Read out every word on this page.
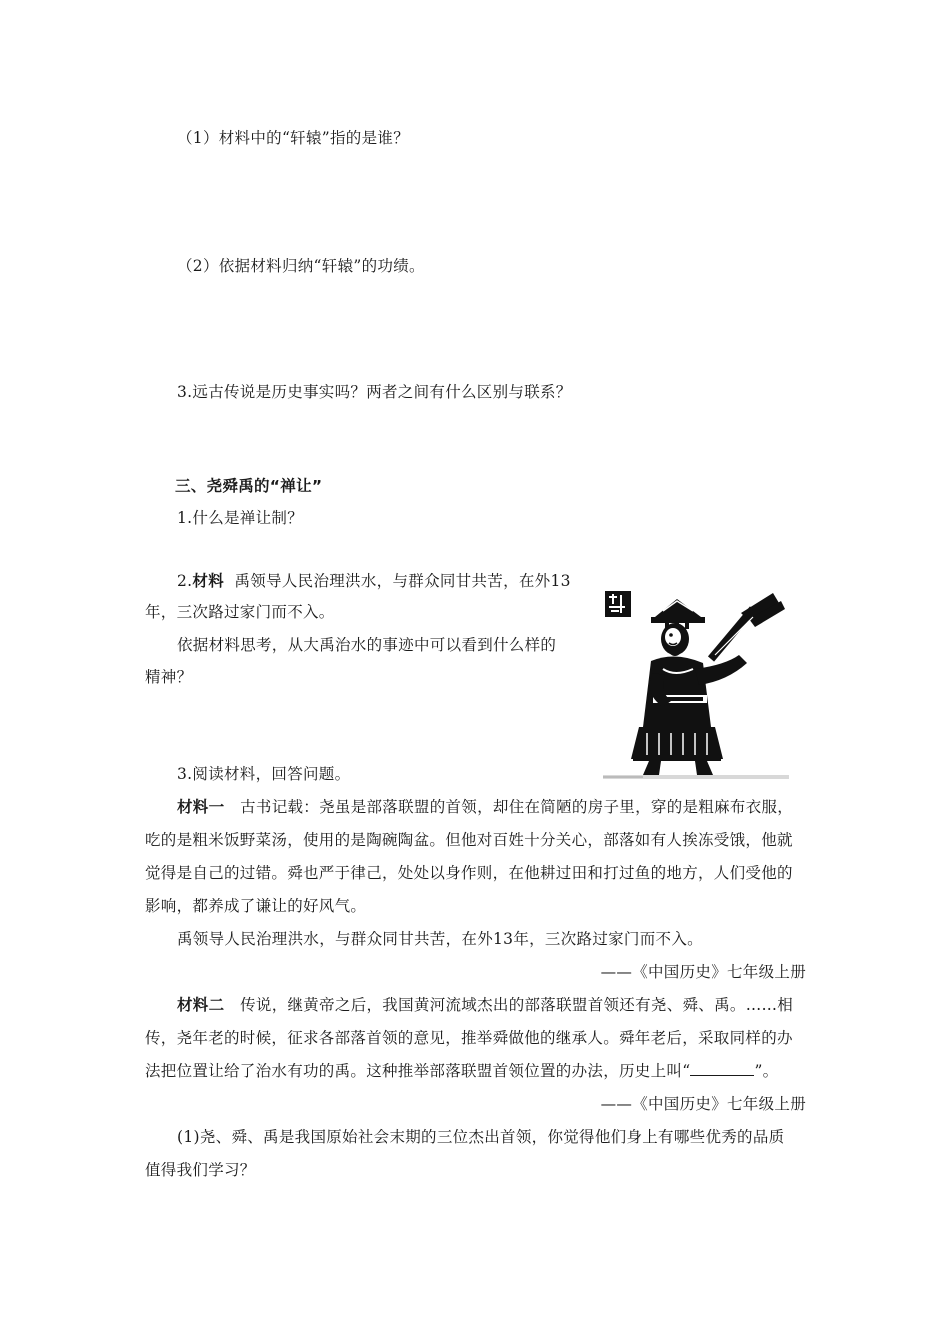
（1）材料中的“轩辕”指的是谁？
（2）依据材料归纳“轩辕”的功绩。
3.远古传说是历史事实吗？两者之间有什么区别与联系？
三、尧舜禹的“禅让”
1.什么是禅让制？
2.材料 禹领导人民治理洪水，与群众同甘共苦，在外13
年，三次路过家门而不入。
依据材料思考，从大禹治水的事迹中可以看到什么样的
精神？
3.阅读材料，回答问题。
材料一 古书记载：尧虽是部落联盟的首领，却住在简陋的房子里，穿的是粗麻布衣服，
吃的是粗米饭野菜汤，使用的是陶碗陶盆。但他对百姓十分关心，部落如有人挨冻受饿，他就
觉得是自己的过错。舜也严于律己，处处以身作则，在他耕过田和打过鱼的地方，人们受他的
影响，都养成了谦让的好风气。
禹领导人民治理洪水，与群众同甘共苦，在外13年，三次路过家门而不入。
——《中国历史》七年级上册
材料二 传说，继黄帝之后，我国黄河流域杰出的部落联盟首领还有尧、舜、禹。……相
传，尧年老的时候，征求各部落首领的意见，推举舜做他的继承人。舜年老后，采取同样的办
法把位置让给了治水有功的禹。这种推举部落联盟首领位置的办法，历史上叫“	”。
——《中国历史》七年级上册
(1)尧、舜、禹是我国原始社会末期的三位杰出首领，你觉得他们身上有哪些优秀的品质
值得我们学习？
